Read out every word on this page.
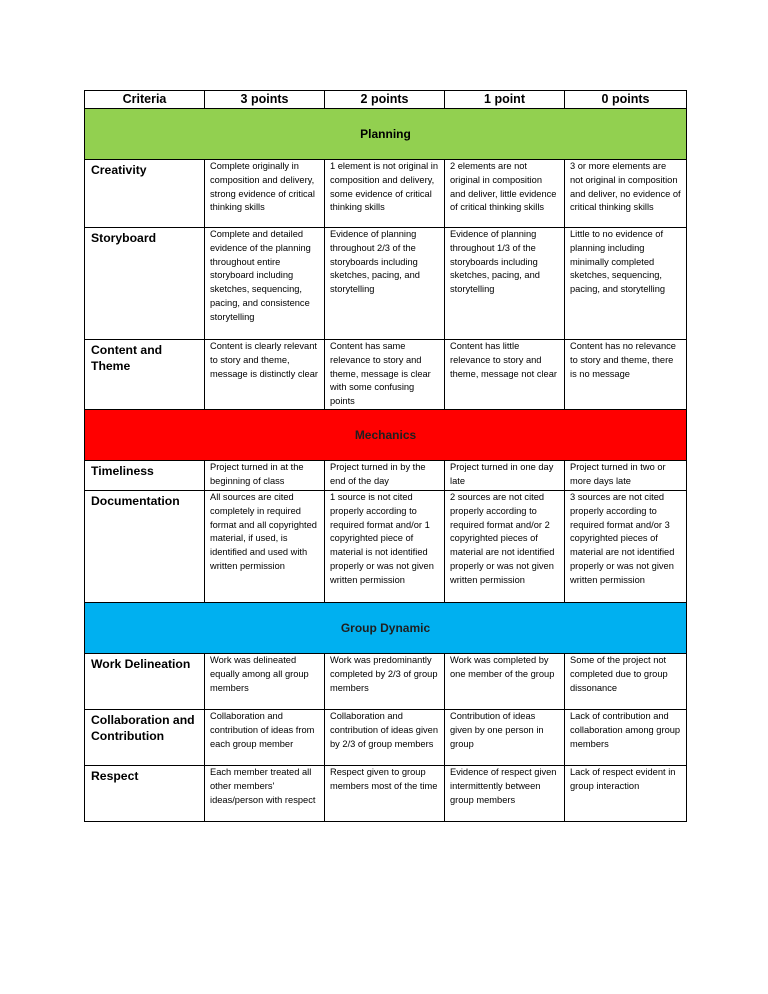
Criteria	3 points	2 points	1 point	0 points
Planning				
Creativity	Complete originally in composition and delivery, strong evidence of critical thinking skills	1 element is not original in composition and delivery, some evidence of critical thinking skills	2 elements are not original in composition and deliver, little evidence of critical thinking skills	3 or more elements are not original in composition and deliver, no evidence of critical thinking skills
Storyboard	Complete and detailed evidence of the planning throughout entire storyboard including sketches, sequencing, pacing, and consistence storytelling	Evidence of planning throughout 2/3 of the storyboards including sketches, pacing, and storytelling	Evidence of planning throughout 1/3 of the storyboards including sketches, pacing, and storytelling	Little to no evidence of planning including minimally completed sketches, sequencing, pacing, and storytelling
Content and Theme	Content is clearly relevant to story and theme, message is distinctly clear	Content has same relevance to story and theme, message is clear with some confusing points	Content has little relevance to story and theme, message not clear	Content has no relevance to story and theme, there is no message
Mechanics				
Timeliness	Project turned in at the beginning of class	Project turned in by the end of the day	Project turned in one day late	Project turned in two or more days late
Documentation	All sources are cited completely in required format and all copyrighted material, if used, is identified and used with written permission	1 source is not cited properly according to required format and/or 1 copyrighted piece of material is not identified properly or was not given written permission	2 sources are not cited properly according to required format and/or 2 copyrighted pieces of material are not identified properly or was not given written permission	3 sources are not cited properly according to required format and/or 3 copyrighted pieces of material are not identified properly or was not given written permission
Group Dynamic				
Work Delineation	Work was delineated equally among all group members	Work was predominantly completed by 2/3 of group members	Work was completed by one member of the group	Some of the project not completed due to group dissonance
Collaboration and Contribution	Collaboration and contribution of ideas from each group member	Collaboration and contribution of ideas given by 2/3 of group members	Contribution of ideas given by one person in group	Lack of contribution and collaboration among group members
Respect	Each member treated all other members' ideas/person with respect	Respect given to group members most of the time	Evidence of respect given intermittently between group members	Lack of respect evident in group interaction
